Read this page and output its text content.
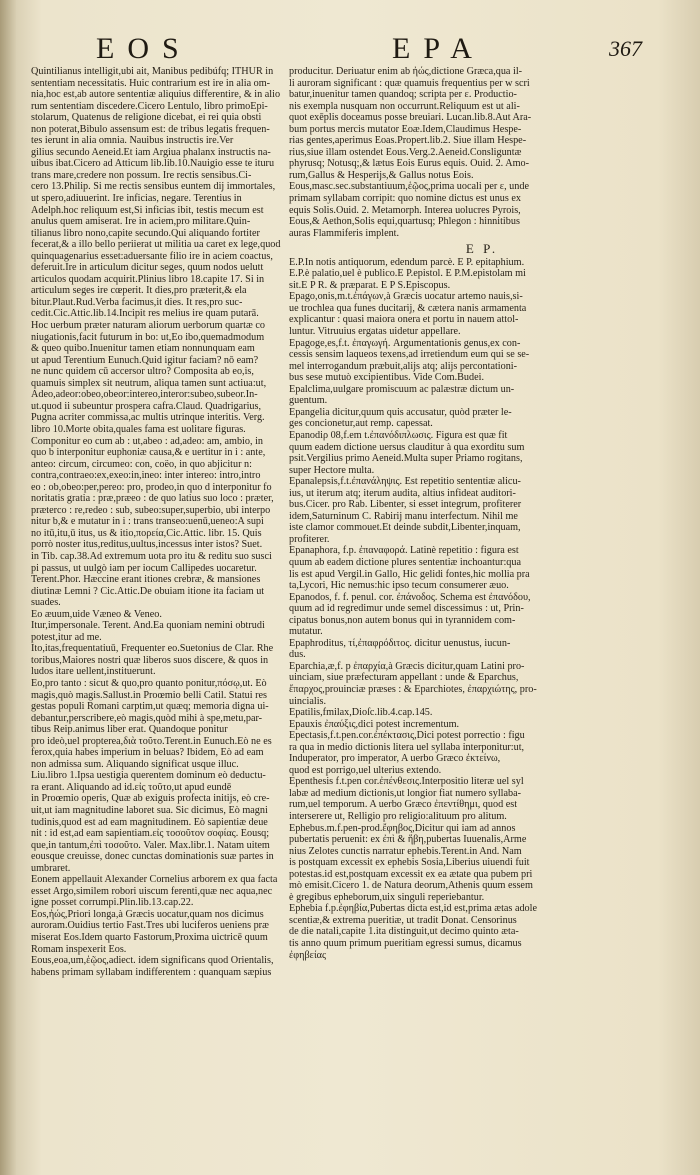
EOS	EPA	367
Quintilianus intelligit,ubi ait, Manibus pedibúfq; ITHUR in
sententiam necessitatis. Huic contrarium est ire in alia om-
nia,hoc est,ab autore sententiæ aliquius differentire, & in alio
rum sententiam discedere.Cicero Lentulo, libro primoEpi-
stolarum, Quatenus de religione dicebat, ei rei quia obsti
non poterat,Bibulo assensum est: de tribus legatis frequen-
tes ierunt in alia omnia. Nauibus instructis ire.Ver
gilius secundo Aeneid.Et iam Argiua phalanx instructis na-
uibus ibat.Cicero ad Atticum lib.lib.10.Nauigio esse te ituru
trans mare,credere non possum. Ire rectis sensibus.Ci-
cero 13.Philip. Si me rectis sensibus euntem dij immortales,
ut spero,adiuuerint. Ire inficias, negare. Terentius in
Adelph.hoc reliquum est,Si inficias ibit, testis mecum est
anulus quem amiserat. Ire in aciem,pro militare.Quin-
tilianus libro nono,capite secundo.Qui aliquando fortiter
fecerat,& a illo bello periierat ut militia ua caret ex lege,quod
quinquagenarius esset:aduersante filio ire in aciem coactus,
deferuit.Ire in articulum dicitur seges, quum nodos uelutt
articulos quodam acquirit.Plinius libro 18.capite 17. Si in
articulum seges ire cœperit. It dies,pro præterit,& ela
bitur.Plaut.Rud.Verba facimus,it dies. It res,pro suc-
cedit.Cic.Attic.lib.14.Incipit res melius ire quam putarā.
Hoc uerbum præter naturam aliorum uerborum quartæ co
niugationis,facit futurum in bo: ut,Eo ibo,quemadmodum
& queo quibo.Inuenitur tamen etiam nonnunquam eam
ut apud Terentium Eunuch.Quid igitur faciam? nō eam?
ne nunc quidem cū accersor ultro? Composita ab eo,is,
quamuis simplex sit neutrum, aliqua tamen sunt actiua:ut,
Adeo,adeor:obeo,obeor:intereo,interor:subeo,subeor.In-
ut.quod ii subeuntur prospera cafra.Claud. Quadrigarius,
Pugna acriter commissa,ac multis utrinque interitis. Verg.
libro 10.Morte obita,quales fama est uolitare figuras.
Componitur eo cum ab : ut,abeo : ad,adeo: am, ambio, in
quo b interponitur euphoniæ causa,& e uertitur in i : ante,
anteo: circum, circumeo: con, coëo, in quo abjicitur n:
contra,contraeo:ex,exeo:in,ineo: inter intereo: intro,intro
eo : ob,obeo:per,pereo: pro, prodeo,in quo d interponitur fo
noritatis gratia : præ,præeo : de quo latius suo loco : præter,
præterco : re,redeo : sub, subeo:super,superbio, ubi interpo
nitur b,& e mutatur in i : trans transeo:uenū,ueneo:A supi
no itū,itu,ū itus, us & itio,πορεία,Cic.Attic. libr. 15. Quis
porrò noster itus,reditus,uultus,incessus inter istos? Suet.
in Tib. cap.38.Ad extremum uota pro itu & reditu suo susci
pi passus, ut uulgò iam per iocum Callipedes uocaretur.
Terent.Phor. Hæccine erant itiones crebræ, & mansiones
diutinæ Lemni ? Cic.Attic.De obuiam itione ita faciam ut
suades.
Eo æuum,uide Væneo & Veneo.
Itur,impersonale. Terent. And.Ea quoniam nemini obtrudi
potest,itur ad me.
Ito,itas,frequentatiuū, Frequenter eo.Suetonius de Clar. Rhe
toribus,Maiores nostri quæ liberos suos discere, & quos in
ludos itare uellent,instituerunt.
Eo,pro tanto : sicut & quo,pro quanto ponitur,πόσῳ,ut. Eò
magis,quò magis.Sallust.in Proœmio belli Catil. Statui res
gestas populi Romani carptim,ut quæq; memoria digna ui-
debantur,perscribere,eò magis,quòd mihi à spe,metu,par-
tibus Reip.animus liber erat. Quandoque ponitur
pro ideò,uel propterea,διὰ τοῦτο.Terent.in Eunuch.Eò ne es
ferox,quia habes imperium in beluas? Ibidem, Eò ad eam
non admissa sum. Aliquando significat usque illuc.
Liu.libro 1.Ipsa uestigia querentem dominum eò deductu-
ra erant. Aliquando ad id.εἰς τοῦτο,ut apud eundē
in Proœmio operis, Quæ ab exiguis profecta initijs, eò cre-
uit,ut iam magnitudine laboret sua. Sic dicimus, Eò magni
tudinis,quod est ad eam magnitudinem. Eò sapientiæ deue
nit : id est,ad eam sapientiam.εἰς τοσοῦτον σοφίας. Eousq;
que,in tantum,ἐπὶ τοσοῦτο. Valer. Max.libr.1. Natam uitem
eousque creuisse, donec cunctas dominationis suæ partes in
umbraret.
Eonem appellauit Alexander Cornelius arborem ex qua facta
esset Argo,similem robori uiscum ferenti,quæ nec aqua,nec
igne posset corrumpi.Plin.lib.13.cap.22.
Eos,ἠώς,Priori longa,à Græcis uocatur,quam nos dicimus
auroram.Ouidius tertio Fast.Tres ubi luciferos ueniens præ
miserat Eos.Idem quarto Fastorum,Proxima uictricē quum
Romam inspexerit Eos.
Eous,eoa,um,ἑῷος,adiect. idem significans quod Orientalis,
habens primam syllabam indifferentem : quanquam sæpius
producitur. Deriuatur enim ab ἠώς,dictione Græca,qua il-
li auroram significant : quæ quamuis frequentius per w scri
batur,inuenitur tamen quandoq; scripta per ε. Productio-
nis exempla nusquam non occurrunt.Reliquum est ut ali-
quot exēplis doceamus posse breuiari. Lucan.lib.8.Aut Ara-
bum portus mercis mutator Eoæ.Idem,Claudimus Hespe-
rias gentes,aperimus Eoas.Propert.lib.2. Siue illam Hespe-
rius,siue illam ostendet Eous.Verg.2.Aeneid.Consliguntæ
phyrusq; Notusq;,& lætus Eois Eurus equis. Ouid. 2. Amo-
rum,Gallus & Hesperijs,& Gallus notus Eois.
Eous,masc.sec.substantiuum,ἑῷος,prima uocali per ε, unde
primam syllabam corripit: quo nomine dictus est unus ex
equis Solis.Ouid. 2. Metamorph. Interea uolucres Pyrois,
Eous,& Aethon,Solis equi,quartusq; Phlegon : hinnitibus
auras Flammiferis implent.
E P.
E.P.In notis antiquorum, edendum parcè. E P. epitaphium.
E.P.è palatio,uel è publico.E P.epistol. E P.M.epistolam mi
sit.E P R. & præparat. E P S.Episcopus.
Epago,onis,m.t.ἐπάγων,à Græcis uocatur artemo nauis,si-
ue trochlea qua funes ducitarij, & cætera nanis armamenta
explicantur : quasi maiora onera et portu in nauem attol-
luntur. Vitruuius ergatas uidetur appellare.
Epagoge,es,f.t. ἐπαγωγή. Argumentationis genus,ex con-
cessis sensim laqueos texens,ad irretiendum eum qui se se-
mel interrogandum præbuit,alijs atq; alijs percontationi-
bus sese mutuò excipientibus. Vide Com.Budei.
Epalclima,uulgare promiscuum ac palæstræ dictum un-
guentum.
Epangelia dicitur,quum quis accusatur, quòd præter le-
ges concionetur,aut remp. capessat.
Epanodiρ 08,f.em t.ἐπανόδιπλωσις. Figura est quæ fit
quum eadem dictione uersus clauditur à qua exorditu sum
psit.Vergilius primo Aeneid.Multa super Priamo rogitans,
super Hectore multa.
Epanalepsis,f.t.ἐπανάληψις. Est repetitio sententiæ alicu-
ius, ut iterum atq; iterum audita, altius infideat auditori-
bus.Cicer. pro Rab. Libenter, si esset integrum, profiterer
idem,Saturninum C. Rabirij manu interfectum. Nihil me
iste clamor commouet.Et deinde subdit,Libenter,inquam,
profiterer.
Epanaphora, f.p. ἐπαναφορά. Latinè repetitio : figura est
quum ab eadem dictione plures sententiæ inchoantur:qua
lis est apud Vergil.in Gallo, Hic gelidi fontes,hic mollia pra
ta,Lycori, Hic nemus:hic ipso tecum consumerer æuo.
Epanodos, f. f. penul. cor. ἐπάνοδος. Schema est ἐπανόδου,
quum ad id regredimur unde semel discessimus : ut, Prin-
cipatus bonus,non autem bonus qui in tyrannidem com-
mutatur.
Epaphroditus, τί,ἐπαφρόδιτος. dicitur uenustus, iucun-
dus.
Eparchia,æ,f. p ἐπαρχία,à Græcis dicitur,quam Latini pro-
uinciam, siue præfecturam appellant : unde & Eparchus,
ἔπαρχος,prouinciæ præses : & Eparchiotes, ἐπαρχιώτης, pro-
uincialis.
Epatilis,fmilax,Dioſc.lib.4.cap.145.
Epauxis ἐπαύξις,dici potest incrementum.
Epectasis,f.t.pen.cor.ἐπέκτασις,Dici potest porrectio : figu
ra qua in medio dictionis litera uel syllaba interponitur:ut,
Induperator, pro imperator, A uerbo Græco ἐκτείνω,
quod est porrigo,uel ulterius extendo.
Epenthesis f.t.pen cor.ἐπένθεσις.Interpositio literæ uel syl
labæ ad medium dictionis,ut longior fiat numerο syllaba-
rum,uel temporum. A uerbo Græco ἐπεντίθημι, quod est
interserere ut, Relligio pro religio:alituum pro alitum.
Ephebus.m.f.pen-prod.ἔφηβος,Dicitur qui iam ad annos
pubertatis peruenit: ex ἐπὶ & ἥβη,pubertas Iuuenalis,Arme
nius Zelotes cunctis narratur ephebis.Terent.in And. Nam
is postquam excessit ex ephebis Sosia,Liberius uiuendi fuit
potestas.id est,postquam excessit ex ea ætate qua pubem pri
mò emisit.Cicero 1. de Natura deorum,Athenis quum essem
è gregibus epheborum,uix singuli reperiebantur.
Ephebia f.p.ἐφηβία,Pubertas dicta est,id est,prima ætas adole
scentiæ,& extrema pueritiæ, ut tradit Donat. Censorinus
de die natali,capite 1.ita distinguit,ut decimo quinto æta-
tis anno quum primum pueritiam egressi sumus, dicamus
ἐφηβείας
